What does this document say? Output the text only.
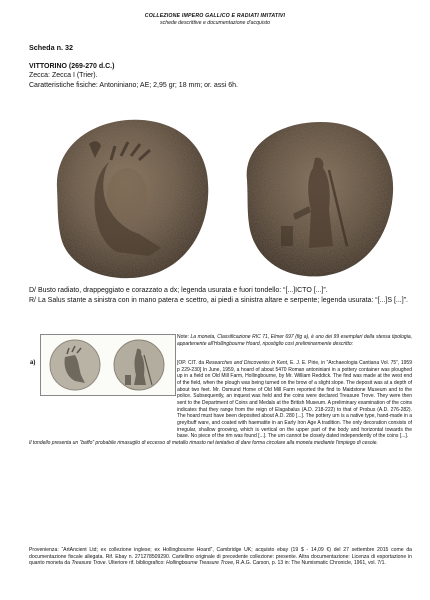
COLLEZIONE IMPERO GALLICO E RADIATI IMITATIVI
schede descrittive e documentazione d'acquisto
Scheda n. 32
VITTORINO (269-270 d.C.)
Zecca: Zecca I (Trier).
Caratteristiche fisiche: Antoniniano; AE; 2,95 gr; 18 mm; or. assi 6h.
D/ Busto radiato, drappeggiato e corazzato a dx; legenda usurata e fuori tondello: “[...]ICTO [...]”.
R/ La Salus stante a sinistra con in mano patera e scettro, ai piedi a sinistra altare e serpente; legenda usurata: “[...]S [...]”.
a)
Note: La moneta, Classificazione RIC 71, Elmer 697 (fig a), è uno dei 99 esemplari della stessa tipologia, appartenente all'Hollingbourne Hoard, ripostiglio così preliminarmente descritto:
[OP. CIT. da Researches and Discoveries in Kent, E. J. E. Pirie, in “Archaeologia Cantiana Vol. 75”, 1959 p 229-230] In June, 1959, a hoard of about 5470 Roman antoniniani in a pottery container was ploughed up in a field on Old Mill Farm, Hollingbourne, by Mr. William Reddick. The find was made at the west end of the field, when the plough was being turned on the brow of a slight slope. The deposit was at a depth of about two feet. Mr. Osmund Home of Old Mill Farm reported the find to Maidstone Museum and to the police. Subsequently, an inquest was held and the coins were declared Treasure Trove. They were then sent to the Department of Coins and Medals at the British Museum. A preliminary examination of the coins indicates that they range from the reign of Elagabalus (A.D. 218-222) to that of Probus (A.D. 276-282). The hoard must have been deposited about A.D. 280 [...]. The pottery urn is a native type, hand-made in a grey/buff ware, and coated with haematite in an Early Iron Age A tradition. The only decoration consists of irregular, shallow grooving, which is vertical on the upper part of the body and horizontal towards the base. No piece of the rim was found [...]. The urn cannot be closely dated independently of the coins [...].
Il tondello presenta un “baffo” probabile rimasuglio di eccesso di metallo rimasto nel tentativo di dare forma circolare alla moneta mediante l'impiego di cesoie.
Provenienza: “ArtAncient Ltd; ex collezione inglese; ex Hollingbourne Hoard”, Cambridge UK; acquisto ebay (19 $ - 14,09 €) del 27 settembre 2015 come da documentazione fiscale allegata. Rif. Ebay n. 271278509290. Cartellino originale di precedente collezione: presente. Altra documentazione: Licenza di esportazione in quanto moneta da Treasure Trove. Ulteriore rif. bibliografico: Hollingbourne Treasure Trove, R.A.G. Carson, p. 13 in: The Numismatic Chronicle, 1961, vol. 7/1.
